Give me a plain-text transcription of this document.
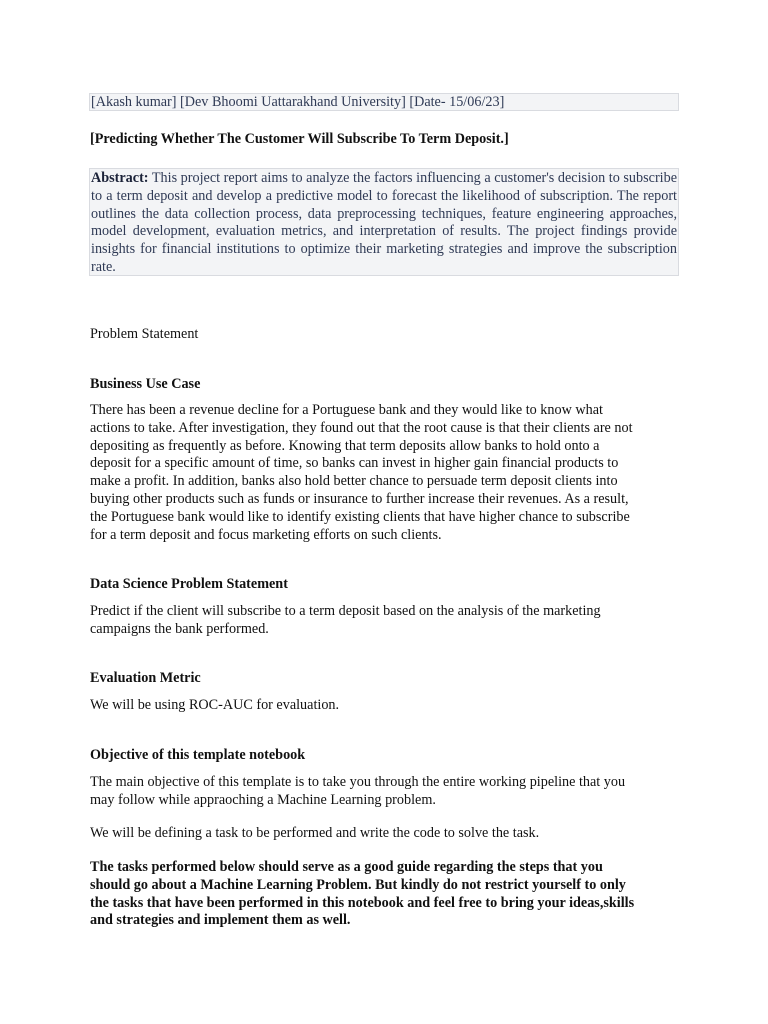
[Akash kumar] [Dev Bhoomi Uattarakhand University] [Date- 15/06/23]
[Predicting Whether The Customer Will Subscribe To Term Deposit.]
Abstract: This project report aims to analyze the factors influencing a customer's decision to subscribe to a term deposit and develop a predictive model to forecast the likelihood of subscription. The report outlines the data collection process, data preprocessing techniques, feature engineering approaches, model development, evaluation metrics, and interpretation of results. The project findings provide insights for financial institutions to optimize their marketing strategies and improve the subscription rate.
Problem Statement
Business Use Case
There has been a revenue decline for a Portuguese bank and they would like to know what
actions to take. After investigation, they found out that the root cause is that their clients are not
depositing as frequently as before. Knowing that term deposits allow banks to hold onto a
deposit for a specific amount of time, so banks can invest in higher gain financial products to
make a profit. In addition, banks also hold better chance to persuade term deposit clients into
buying other products such as funds or insurance to further increase their revenues. As a result,
the Portuguese bank would like to identify existing clients that have higher chance to subscribe
for a term deposit and focus marketing efforts on such clients.
Data Science Problem Statement
Predict if the client will subscribe to a term deposit based on the analysis of the marketing
campaigns the bank performed.
Evaluation Metric
We will be using ROC-AUC for evaluation.
Objective of this template notebook
The main objective of this template is to take you through the entire working pipeline that you
may follow while appraoching a Machine Learning problem.
We will be defining a task to be performed and write the code to solve the task.
The tasks performed below should serve as a good guide regarding the steps that you
should go about a Machine Learning Problem. But kindly do not restrict yourself to only
the tasks that have been performed in this notebook and feel free to bring your ideas,skills
and strategies and implement them as well.
